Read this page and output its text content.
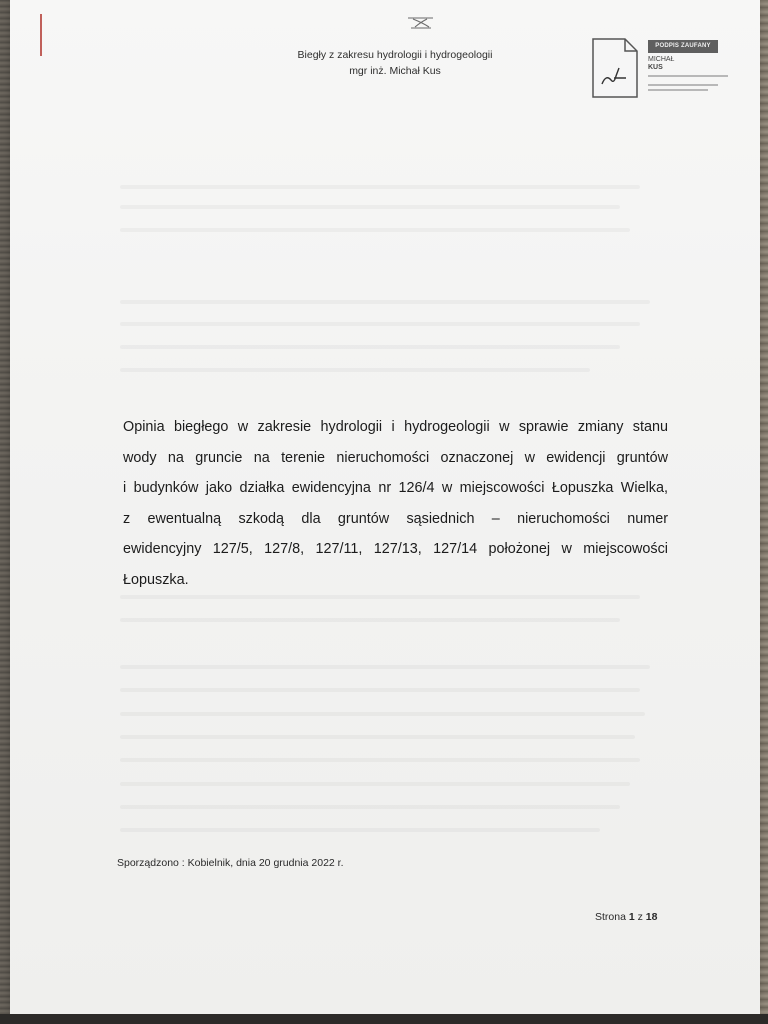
Biegły z zakresu hydrologii i hydrogeologii
mgr inż. Michał Kus
PODPIS ZAUFANY
MICHAŁ
KUS
Opinia biegłego w zakresie hydrologii i hydrogeologii w sprawie zmiany stanu
wody na gruncie na terenie nieruchomości oznaczonej w ewidencji gruntów
i budynków jako działka ewidencyjna nr 126/4 w miejscowości Łopuszka Wielka,
z ewentualną szkodą dla gruntów sąsiednich – nieruchomości numer
ewidencyjny 127/5, 127/8, 127/11, 127/13, 127/14 położonej w miejscowości
Łopuszka.
Sporządzono : Kobielnik, dnia 20 grudnia 2022 r.
Strona 1 z 18
